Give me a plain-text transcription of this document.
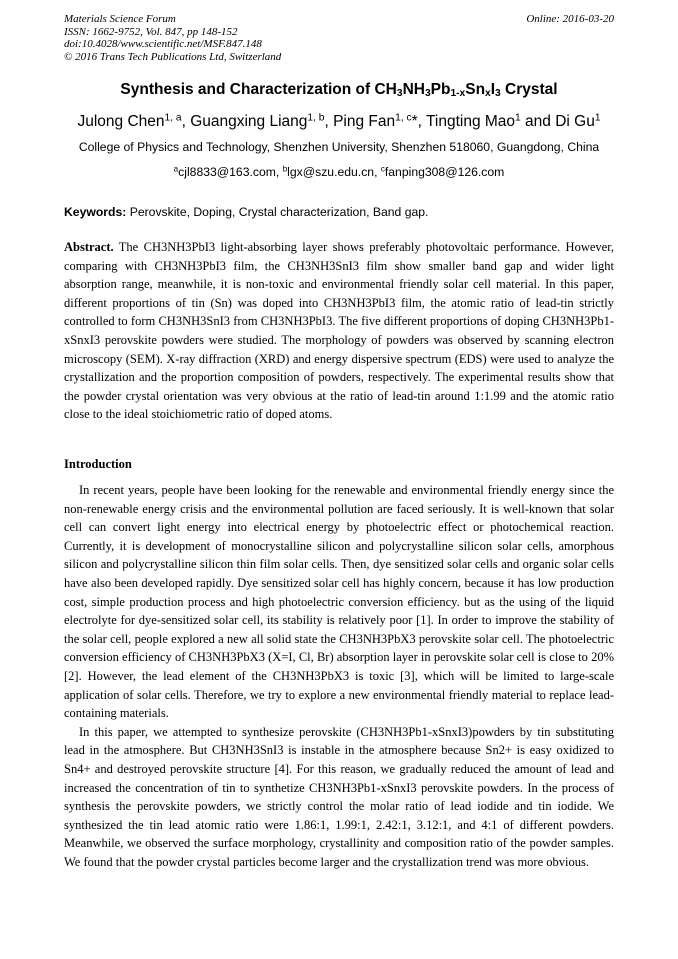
Materials Science Forum
ISSN: 1662-9752, Vol. 847, pp 148-152
doi:10.4028/www.scientific.net/MSF.847.148
© 2016 Trans Tech Publications Ltd, Switzerland
Online: 2016-03-20
Synthesis and Characterization of $CH_3NH_3Pb_{1-x}Sn_xI_3$ Crystal
Julong Chen$^{1, a}$, Guangxing Liang$^{1, b}$, Ping Fan$^{1, c}$*, Tingting Mao$^1$ and Di Gu$^1$
College of Physics and Technology, Shenzhen University, Shenzhen 518060, Guangdong, China
$^a$cjl8833@163.com, $^b$lgx@szu.edu.cn, $^c$fanping308@126.com
Keywords: Perovskite, Doping, Crystal characterization, Band gap.

Abstract. The CH3NH3PbI3 light-absorbing layer shows preferably photovoltaic performance. However, comparing with CH3NH3PbI3 film, the CH3NH3SnI3 film show smaller band gap and wider light absorption range, meanwhile, it is non-toxic and environmental friendly solar cell material. In this paper, different proportions of tin (Sn) was doped into CH3NH3PbI3 film, the atomic ratio of lead-tin strictly controlled to form CH3NH3SnI3 from CH3NH3PbI3. The five different proportions of doping CH3NH3Pb1-xSnxI3 perovskite powders were studied. The morphology of powders was observed by scanning electron microscopy (SEM). X-ray diffraction (XRD) and energy dispersive spectrum (EDS) were used to analyze the crystallization and the proportion composition of powders, respectively. The experimental results show that the powder crystal orientation was very obvious at the ratio of lead-tin around 1:1.99 and the atomic ratio close to the ideal stoichiometric ratio of doped atoms.

Introduction

In recent years, people have been looking for the renewable and environmental friendly energy since the non-renewable energy crisis and the environmental pollution are faced seriously. It is well-known that solar cell can convert light energy into electrical energy by photoelectric effect or photochemical reaction. Currently, it is development of monocrystalline silicon and polycrystalline silicon solar cells, amorphous silicon and polycrystalline silicon thin film solar cells. Then, dye sensitized solar cells and organic solar cells have also been developed rapidly. Dye sensitized solar cell has highly concern, because it has low production cost, simple production process and high photoelectric conversion efficiency. but as the using of the liquid electrolyte for dye-sensitized solar cell, its stability is relatively poor [1]. In order to improve the stability of the solar cell, people explored a new all solid state the CH3NH3PbX3 perovskite solar cell. The photoelectric conversion efficiency of CH3NH3PbX3 (X=I, Cl, Br) absorption layer in perovskite solar cell is close to 20% [2]. However, the lead element of the CH3NH3PbX3 is toxic [3], which will be limited to large-scale application of solar cells. Therefore, we try to explore a new environmental friendly material to replace lead-containing materials.

In this paper, we attempted to synthesize perovskite (CH3NH3Pb1-xSnxI3)powders by tin substituting lead in the atmosphere. But CH3NH3SnI3 is instable in the atmosphere because Sn2+ is easy oxidized to Sn4+ and destroyed perovskite structure [4]. For this reason, we gradually reduced the amount of lead and increased the concentration of tin to synthetize CH3NH3Pb1-xSnxI3 perovskite powders. In the process of synthesis the perovskite powders, we strictly control the molar ratio of lead iodide and tin iodide. We synthesized the tin lead atomic ratio were 1.86:1, 1.99:1, 2.42:1, 3.12:1, and 4:1 of different powders. Meanwhile, we observed the surface morphology, crystallinity and composition ratio of the powder samples. We found that the powder crystal particles become larger and the crystallization trend was more obvious.
